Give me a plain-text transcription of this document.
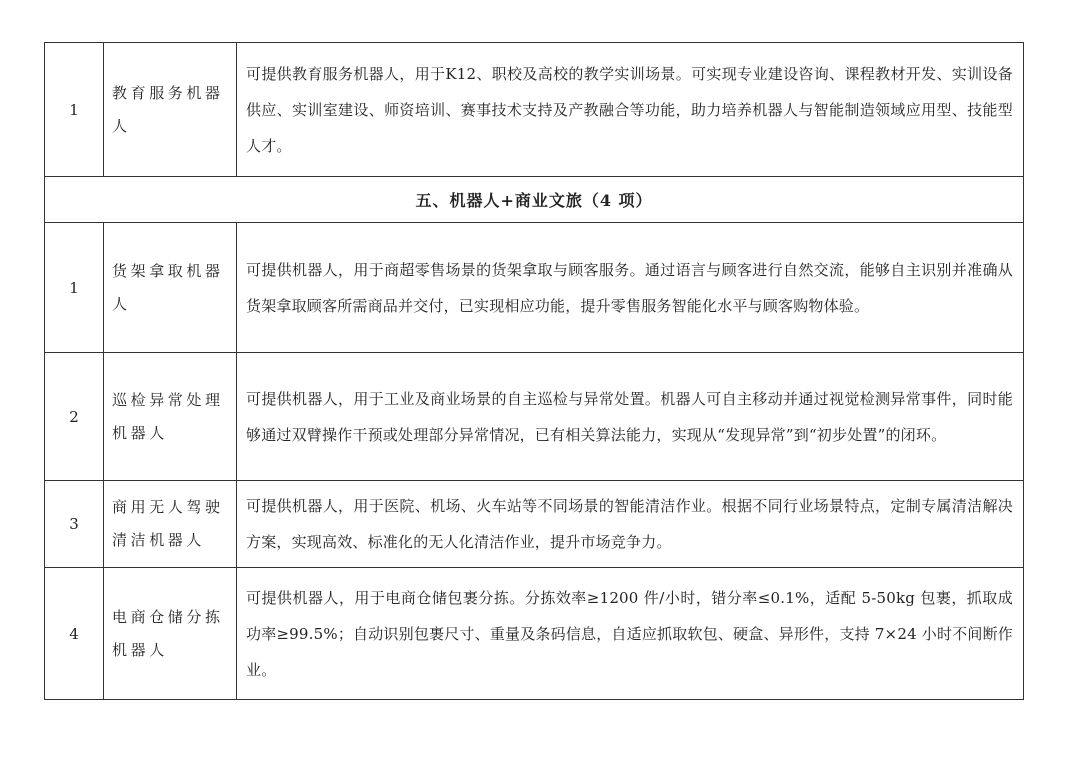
1	教育服务机器人	可提供教育服务机器人，用于K12、职校及高校的教学实训场景。可实现专业建设咨询、课程教材开发、实训设备供应、实训室建设、师资培训、赛事技术支持及产教融合等功能，助力培养机器人与智能制造领域应用型、技能型人才。
五、机器人+商业文旅（4 项）		
1	货架拿取机器人	可提供机器人，用于商超零售场景的货架拿取与顾客服务。通过语言与顾客进行自然交流，能够自主识别并准确从货架拿取顾客所需商品并交付，已实现相应功能，提升零售服务智能化水平与顾客购物体验。
2	巡检异常处理机器人	可提供机器人，用于工业及商业场景的自主巡检与异常处置。机器人可自主移动并通过视觉检测异常事件，同时能够通过双臂操作干预或处理部分异常情况，已有相关算法能力，实现从“发现异常”到“初步处置”的闭环。
3	商用无人驾驶清洁机器人	可提供机器人，用于医院、机场、火车站等不同场景的智能清洁作业。根据不同行业场景特点，定制专属清洁解决方案，实现高效、标准化的无人化清洁作业，提升市场竞争力。
4	电商仓储分拣机器人	可提供机器人，用于电商仓储包裹分拣。分拣效率≥1200 件/小时，错分率≤0.1%，适配 5-50kg 包裹，抓取成功率≥99.5%；自动识别包裹尺寸、重量及条码信息，自适应抓取软包、硬盒、异形件，支持 7×24 小时不间断作业。
